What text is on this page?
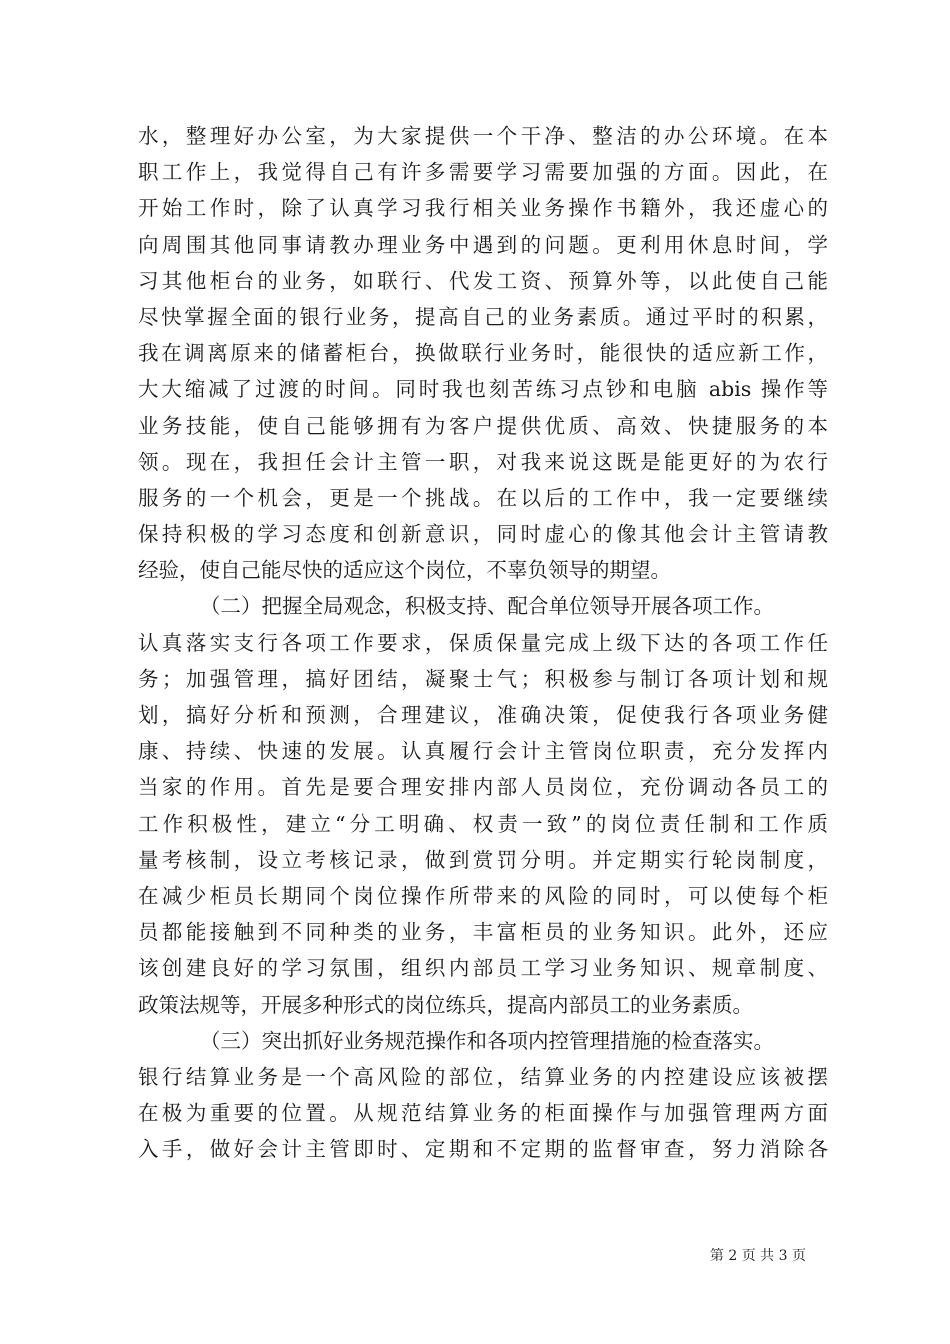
水，整理好办公室，为大家提供一个干净、整洁的办公环境。在本
职工作上，我觉得自己有许多需要学习需要加强的方面。因此，在
开始工作时，除了认真学习我行相关业务操作书籍外，我还虚心的
向周围其他同事请教办理业务中遇到的问题。更利用休息时间，学
习其他柜台的业务，如联行、代发工资、预算外等，以此使自己能
尽快掌握全面的银行业务，提高自己的业务素质。通过平时的积累，
我在调离原来的储蓄柜台，换做联行业务时，能很快的适应新工作，
大大缩减了过渡的时间。同时我也刻苦练习点钞和电脑 abis 操作等
业务技能，使自己能够拥有为客户提供优质、高效、快捷服务的本
领。现在，我担任会计主管一职，对我来说这既是能更好的为农行
服务的一个机会，更是一个挑战。在以后的工作中，我一定要继续
保持积极的学习态度和创新意识，同时虚心的像其他会计主管请教
经验，使自己能尽快的适应这个岗位，不辜负领导的期望。
（二）把握全局观念，积极支持、配合单位领导开展各项工作。
认真落实支行各项工作要求，保质保量完成上级下达的各项工作任
务；加强管理，搞好团结，凝聚士气；积极参与制订各项计划和规
划，搞好分析和预测，合理建议，准确决策，促使我行各项业务健
康、持续、快速的发展。认真履行会计主管岗位职责，充分发挥内
当家的作用。首先是要合理安排内部人员岗位，充份调动各员工的
工作积极性，建立“分工明确、权责一致”的岗位责任制和工作质
量考核制，设立考核记录，做到赏罚分明。并定期实行轮岗制度，
在减少柜员长期同个岗位操作所带来的风险的同时，可以使每个柜
员都能接触到不同种类的业务，丰富柜员的业务知识。此外，还应
该创建良好的学习氛围，组织内部员工学习业务知识、规章制度、
政策法规等，开展多种形式的岗位练兵，提高内部员工的业务素质。
（三）突出抓好业务规范操作和各项内控管理措施的检查落实。
银行结算业务是一个高风险的部位，结算业务的内控建设应该被摆
在极为重要的位置。从规范结算业务的柜面操作与加强管理两方面
入手，做好会计主管即时、定期和不定期的监督审查，努力消除各
第 2 页 共 3 页
